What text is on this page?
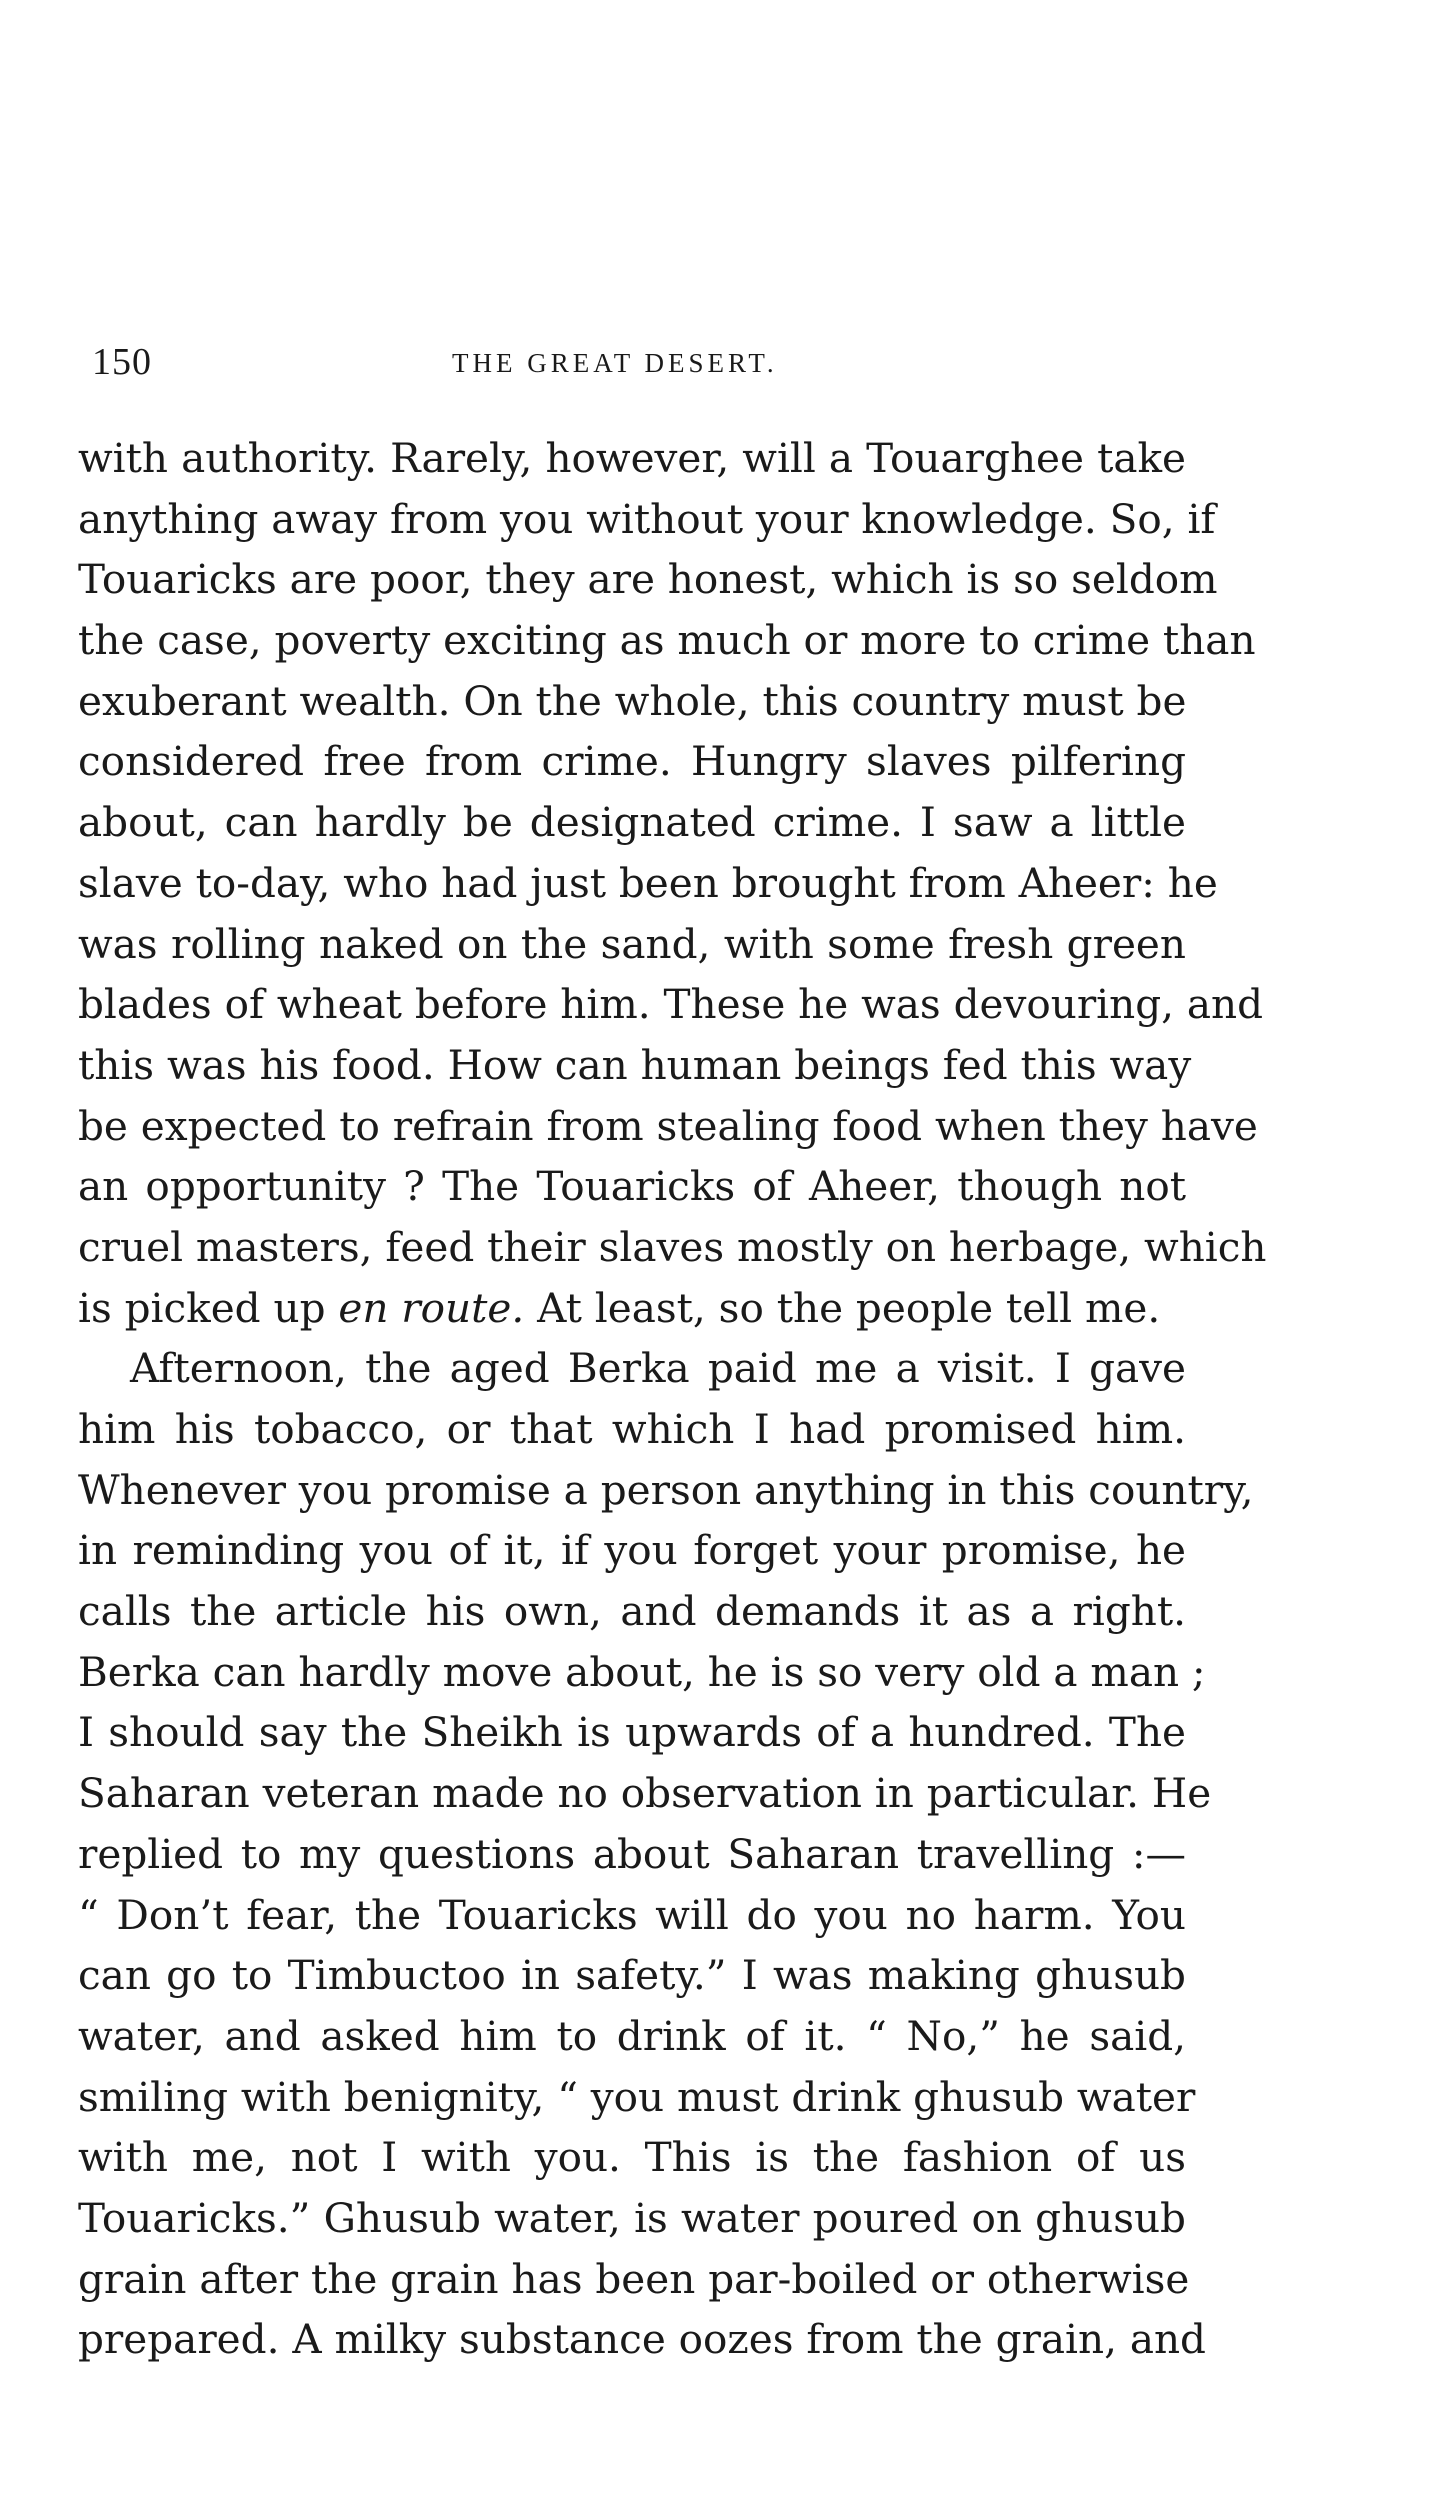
150	THE GREAT DESERT.
with authority. Rarely, however, will a Touarghee take
anything away from you without your knowledge. So, if
Touaricks are poor, they are honest, which is so seldom
the case, poverty exciting as much or more to crime than
exuberant wealth. On the whole, this country must be
considered free from crime. Hungry slaves pilfering
about, can hardly be designated crime. I saw a little
slave to-day, who had just been brought from Aheer: he
was rolling naked on the sand, with some fresh green
blades of wheat before him. These he was devouring, and
this was his food. How can human beings fed this way
be expected to refrain from stealing food when they have
an opportunity ? The Touaricks of Aheer, though not
cruel masters, feed their slaves mostly on herbage, which
is picked up en route. At least, so the people tell me.
Afternoon, the aged Berka paid me a visit. I gave
him his tobacco, or that which I had promised him.
Whenever you promise a person anything in this country,
in reminding you of it, if you forget your promise, he
calls the article his own, and demands it as a right.
Berka can hardly move about, he is so very old a man ;
I should say the Sheikh is upwards of a hundred. The
Saharan veteran made no observation in particular. He
replied to my questions about Saharan travelling :—
“ Don’t fear, the Touaricks will do you no harm. You
can go to Timbuctoo in safety.” I was making ghusub
water, and asked him to drink of it. “ No,” he said,
smiling with benignity, “ you must drink ghusub water
with me, not I with you. This is the fashion of us
Touaricks.” Ghusub water, is water poured on ghusub
grain after the grain has been par-boiled or otherwise
prepared. A milky substance oozes from the grain, and
